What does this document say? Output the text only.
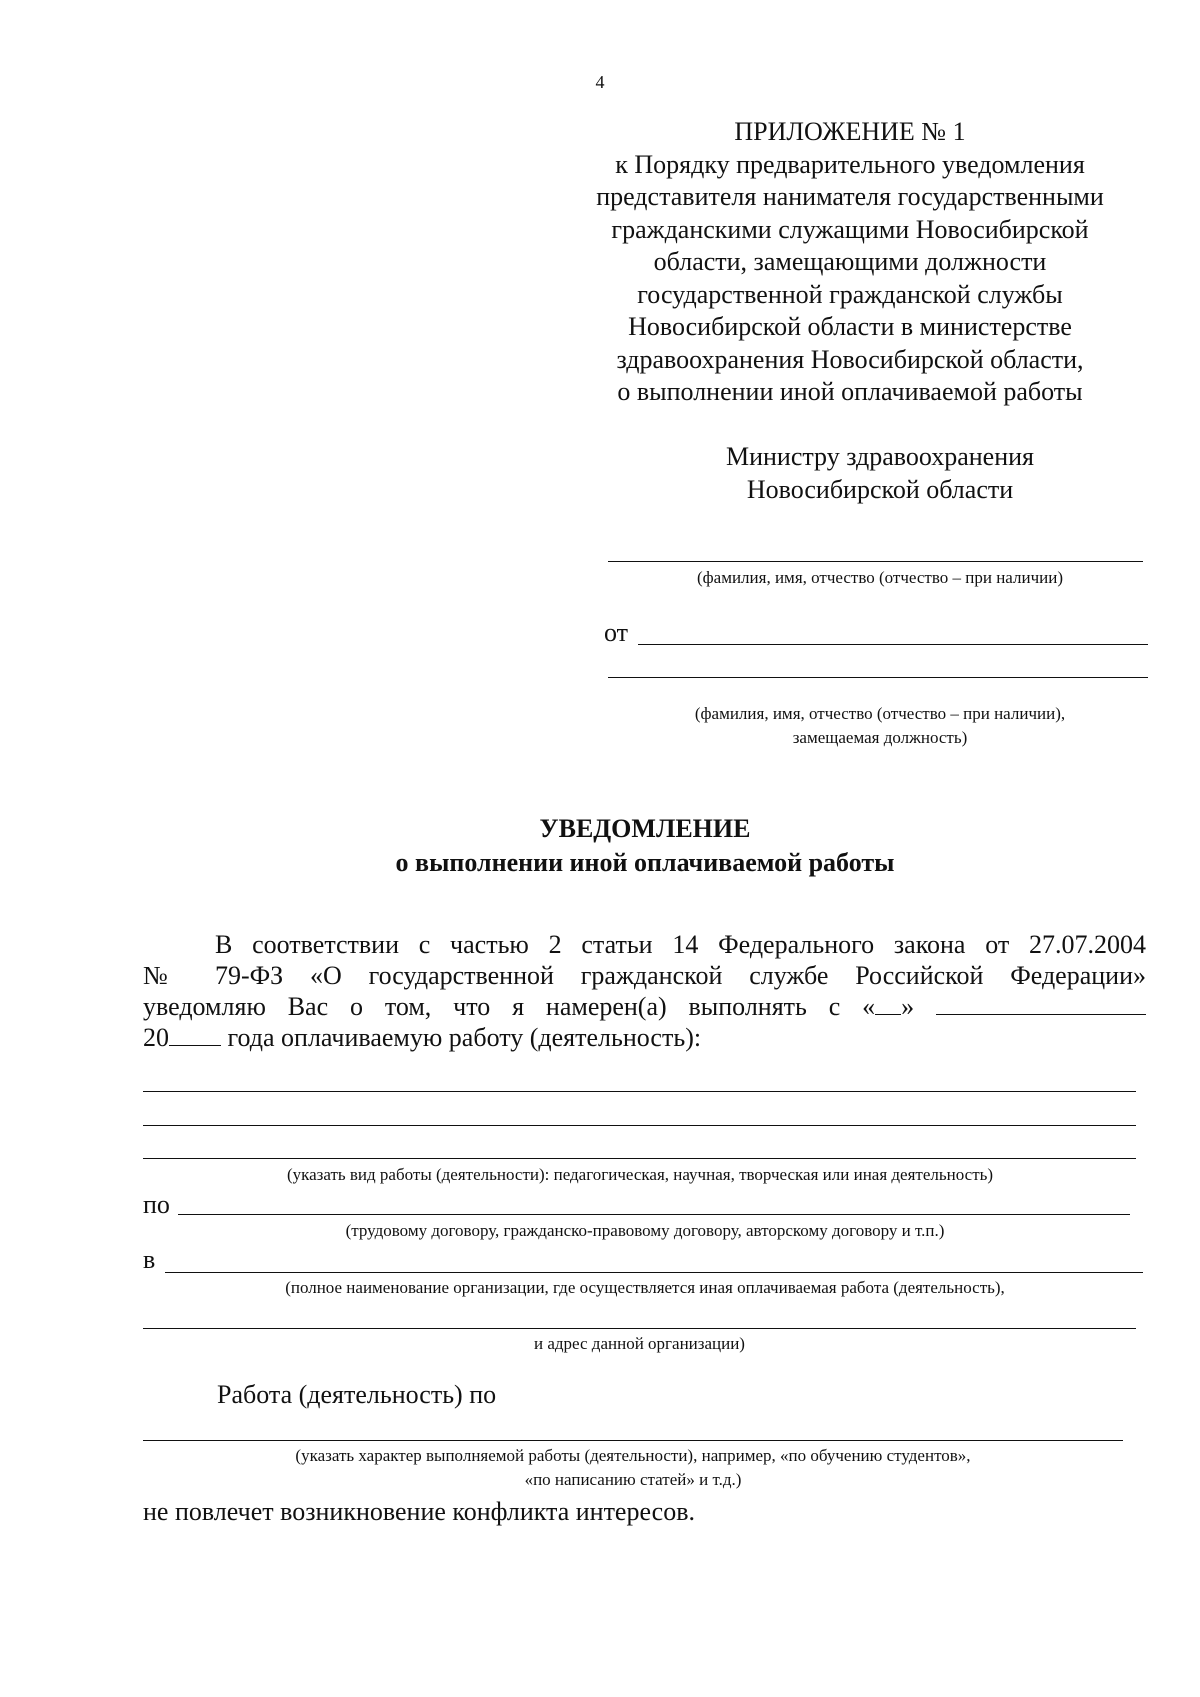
4
ПРИЛОЖЕНИЕ № 1
к Порядку предварительного уведомления
представителя нанимателя государственными
гражданскими служащими Новосибирской
области, замещающими должности
государственной гражданской службы
Новосибирской области в министерстве
здравоохранения Новосибирской области,
о выполнении иной оплачиваемой работы
Министру здравоохранения
Новосибирской области
(фамилия, имя, отчество (отчество – при наличии)
от
(фамилия, имя, отчество (отчество – при наличии),
замещаемая должность)
УВЕДОМЛЕНИЕ
о выполнении иной оплачиваемой работы
В соответствии с частью 2 статьи 14 Федерального закона от 27.07.2004
№ 79-ФЗ «О государственной гражданской службе Российской Федерации»
уведомляю Вас о том, что я намерен(а) выполнять с « »
20 года оплачиваемую работу (деятельность):
(указать вид работы (деятельности): педагогическая, научная, творческая или иная деятельность)
по
(трудовому договору, гражданско-правовому договору, авторскому договору и т.п.)
в
(полное наименование организации, где осуществляется иная оплачиваемая работа (деятельность),
и адрес данной организации)
Работа (деятельность) по
(указать характер выполняемой работы (деятельности), например, «по обучению студентов»,
«по написанию статей» и т.д.)
не повлечет возникновение конфликта интересов.
